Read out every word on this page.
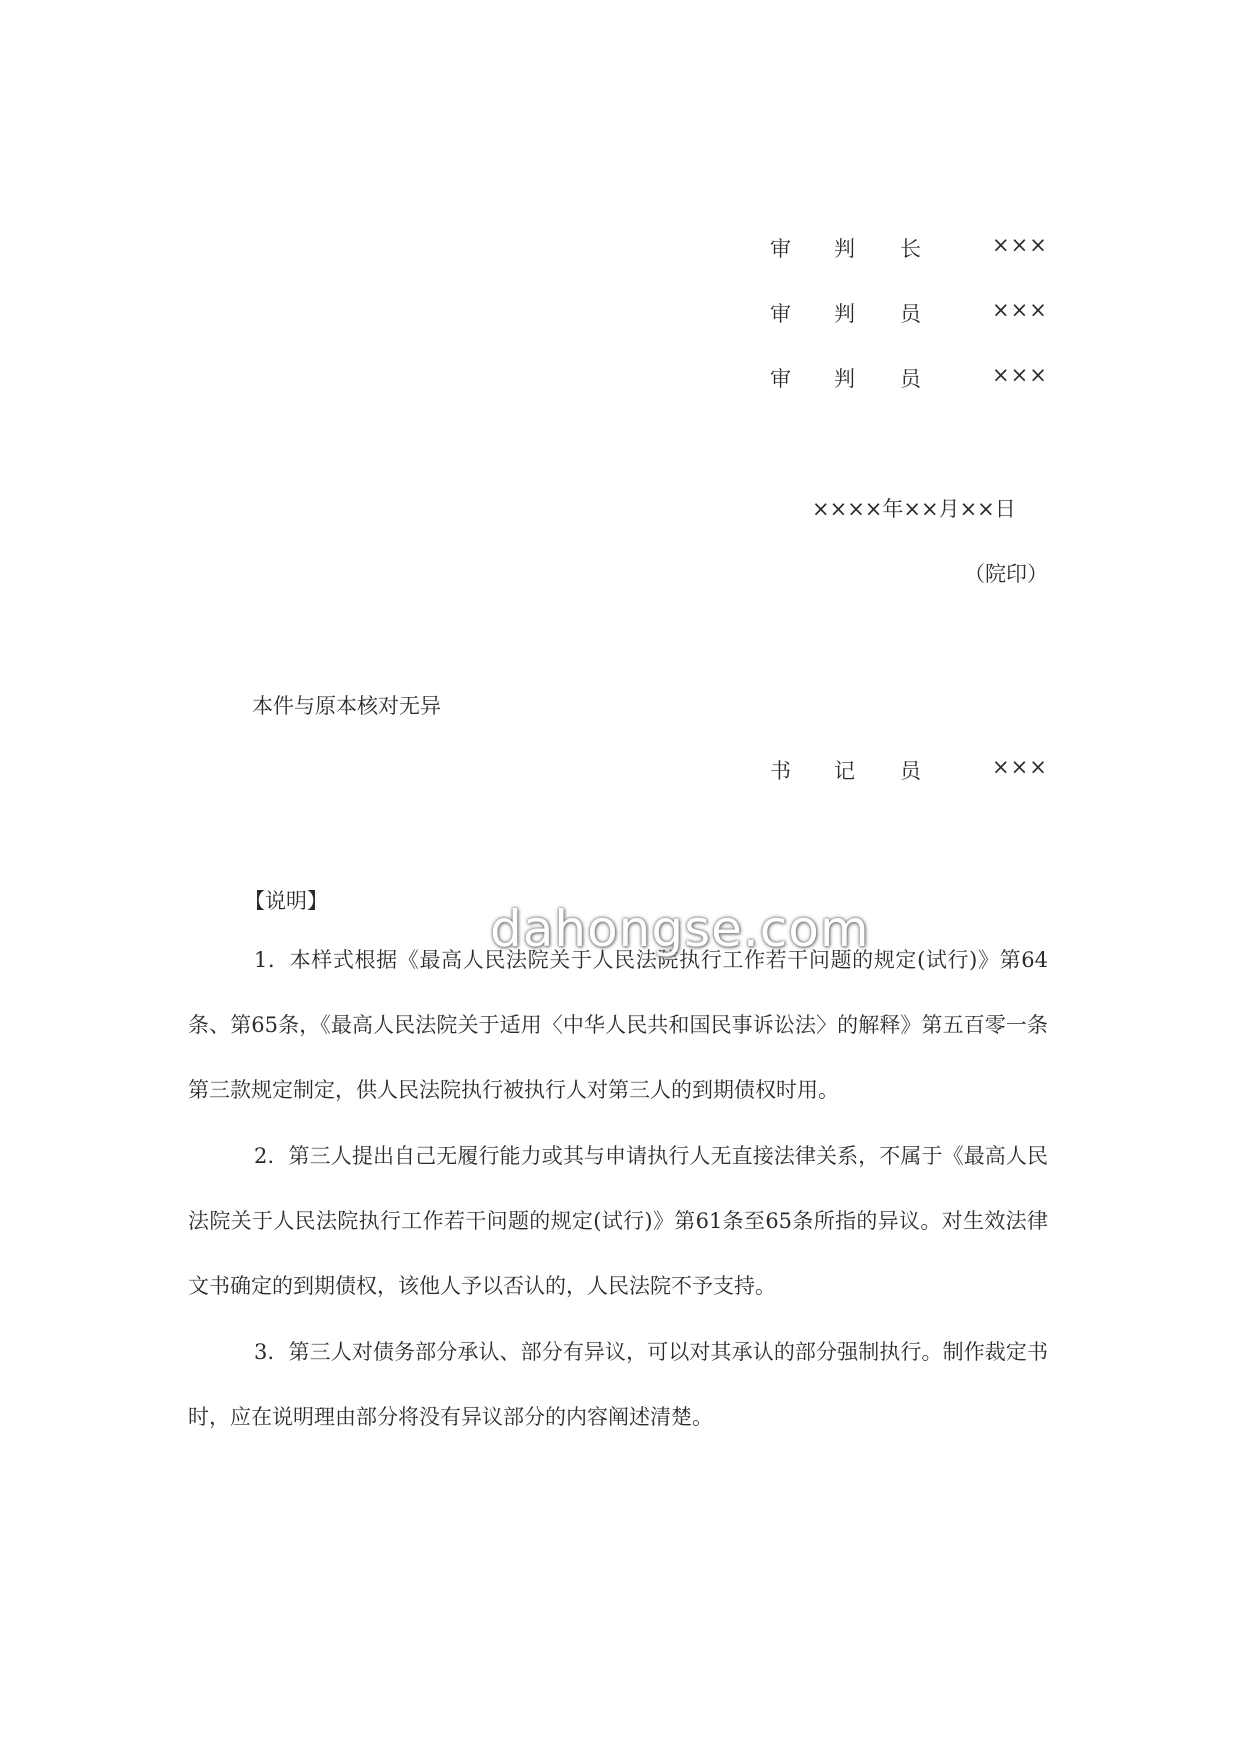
审 判 长	×××
审 判 员	×××
审 判 员	×××
××××年××月××日
（院印）
本件与原本核对无异
书 记 员	×××
【说明】
1．本样式根据《最高人民法院关于人民法院执行工作若干问题的规定(试行)》第64条、第65条，《最高人民法院关于适用〈中华人民共和国民事诉讼法〉的解释》第五百零一条第三款规定制定，供人民法院执行被执行人对第三人的到期债权时用。
2．第三人提出自己无履行能力或其与申请执行人无直接法律关系，不属于《最高人民法院关于人民法院执行工作若干问题的规定(试行)》第61条至65条所指的异议。对生效法律文书确定的到期债权，该他人予以否认的，人民法院不予支持。
3．第三人对债务部分承认、部分有异议，可以对其承认的部分强制执行。制作裁定书时，应在说明理由部分将没有异议部分的内容阐述清楚。
dahongse.com
